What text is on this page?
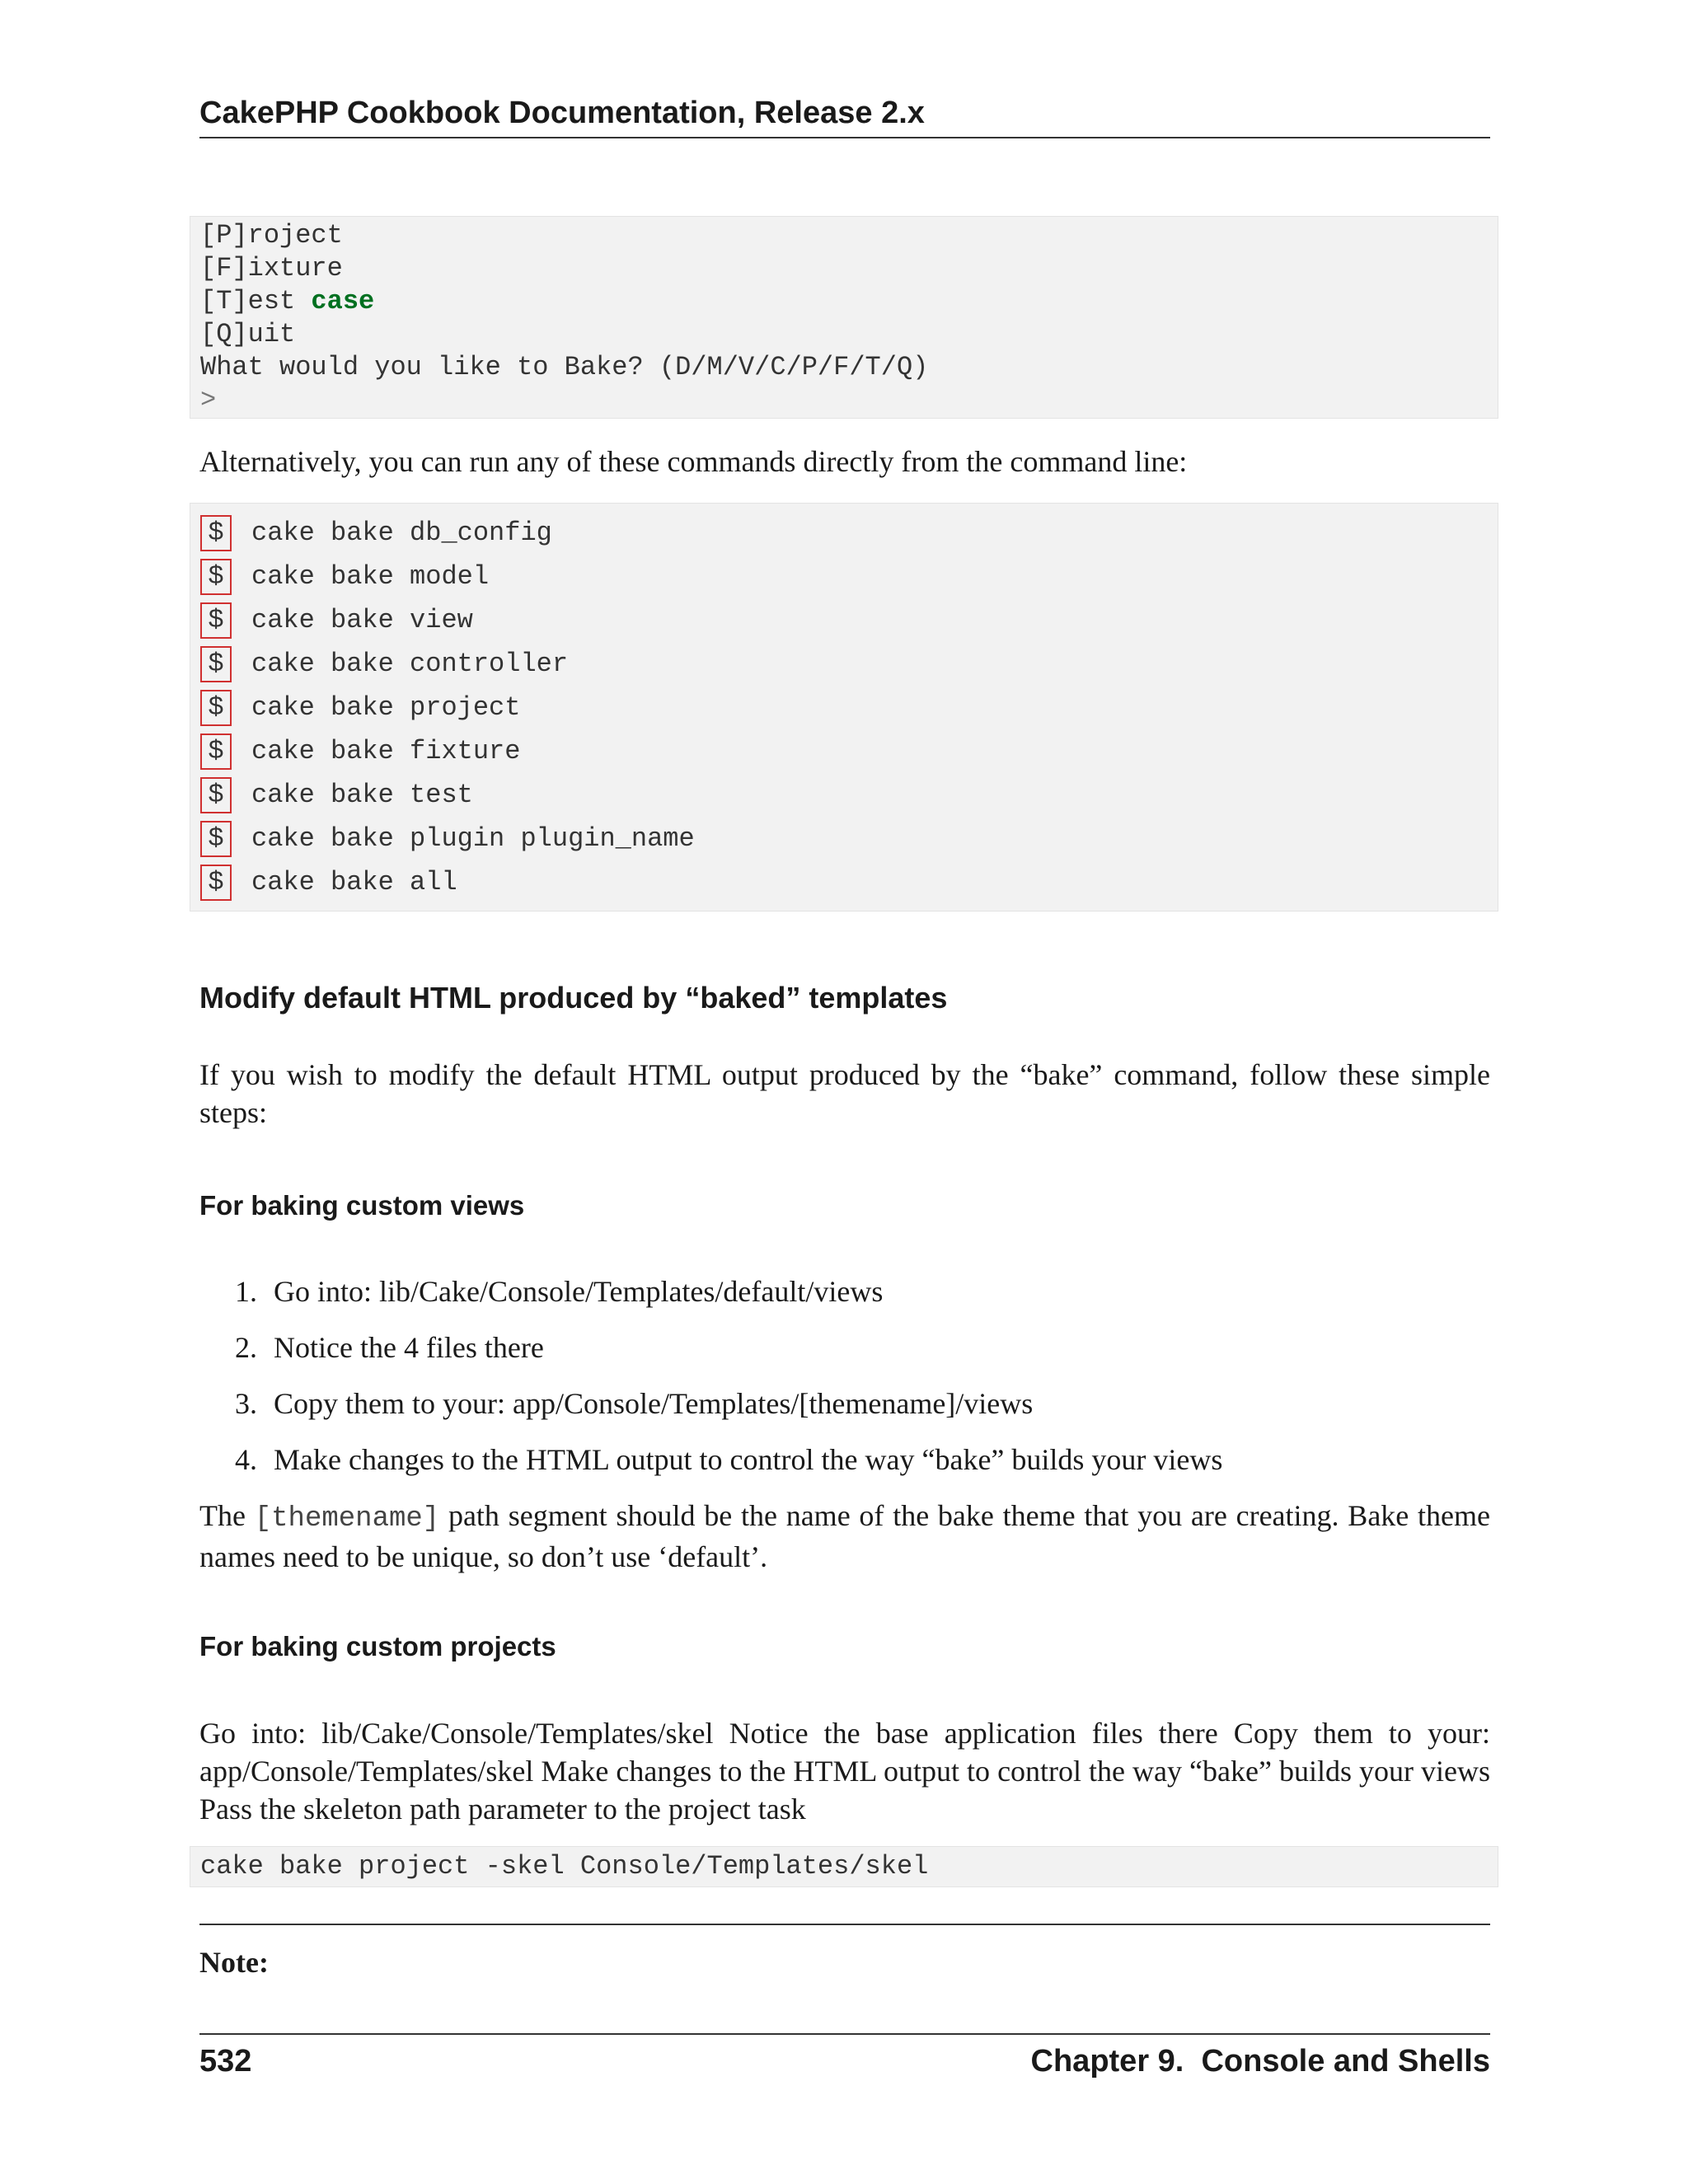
CakePHP Cookbook Documentation, Release 2.x
[P]roject
[F]ixture
[T]est case
[Q]uit
What would you like to Bake? (D/M/V/C/P/F/T/Q)
>
Alternatively, you can run any of these commands directly from the command line:
$ cake bake db_config
$ cake bake model
$ cake bake view
$ cake bake controller
$ cake bake project
$ cake bake fixture
$ cake bake test
$ cake bake plugin plugin_name
$ cake bake all
Modify default HTML produced by “baked” templates
If you wish to modify the default HTML output produced by the “bake” command, follow these simple steps:
For baking custom views
1. Go into: lib/Cake/Console/Templates/default/views
2. Notice the 4 files there
3. Copy them to your: app/Console/Templates/[themename]/views
4. Make changes to the HTML output to control the way “bake” builds your views
The [themename] path segment should be the name of the bake theme that you are creating. Bake theme names need to be unique, so don’t use ‘default’.
For baking custom projects
Go into: lib/Cake/Console/Templates/skel Notice the base application files there Copy them to your: app/Console/Templates/skel Make changes to the HTML output to control the way “bake” builds your views Pass the skeleton path parameter to the project task
cake bake project -skel Console/Templates/skel
Note:
532	Chapter 9.  Console and Shells
